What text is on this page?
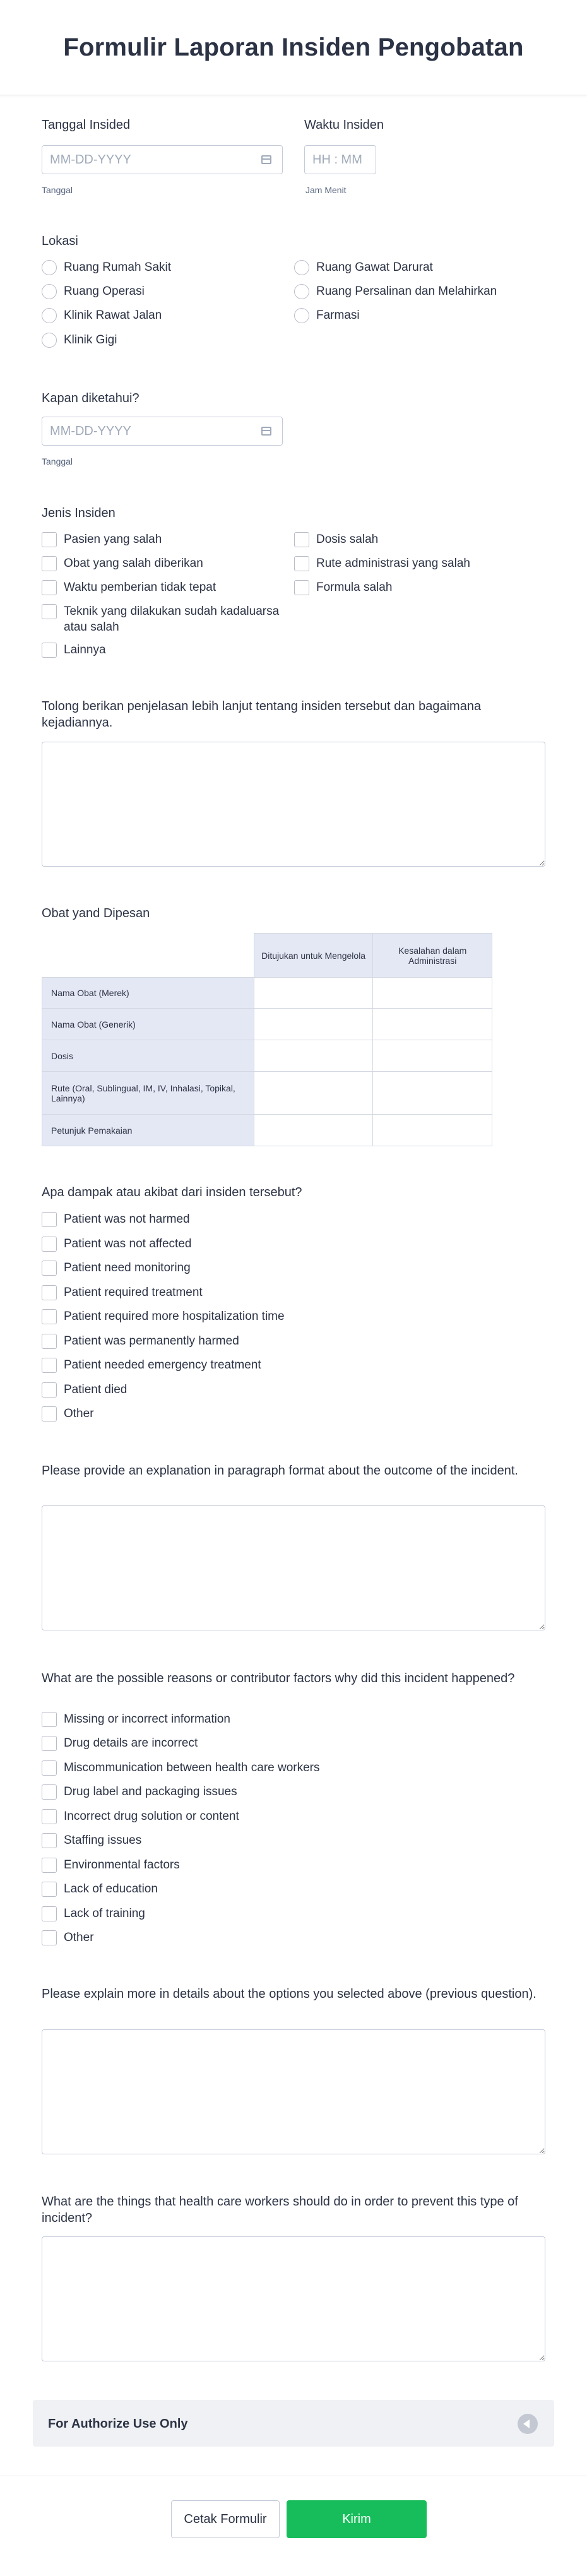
Formulir Laporan Insiden Pengobatan
Tanggal Insided
MM-DD-YYYY
Tanggal
Waktu Insiden
HH : MM
Jam Menit
Lokasi
Ruang Rumah Sakit
Ruang Operasi
Klinik Rawat Jalan
Klinik Gigi
Ruang Gawat Darurat
Ruang Persalinan dan Melahirkan
Farmasi
Kapan diketahui?
MM-DD-YYYY
Tanggal
Jenis Insiden
Pasien yang salah
Obat yang salah diberikan
Waktu pemberian tidak tepat
Teknik yang dilakukan sudah kadaluarsa atau salah
Lainnya
Dosis salah
Rute administrasi yang salah
Formula salah
Tolong berikan penjelasan lebih lanjut tentang insiden tersebut dan bagaimana kejadiannya.
Obat yand Dipesan
	Ditujukan untuk Mengelola	Kesalahan dalam Administrasi
Nama Obat (Merek)		
Nama Obat (Generik)		
Dosis		
Rute (Oral, Sublingual, IM, IV, Inhalasi, Topikal, Lainnya)		
Petunjuk Pemakaian		
Apa dampak atau akibat dari insiden tersebut?
Patient was not harmed
Patient was not affected
Patient need monitoring
Patient required treatment
Patient required more hospitalization time
Patient was permanently harmed
Patient needed emergency treatment
Patient died
Other
Please provide an explanation in paragraph format about the outcome of the incident.
What are the possible reasons or contributor factors why did this incident happened?
Missing or incorrect information
Drug details are incorrect
Miscommunication between health care workers
Drug label and packaging issues
Incorrect drug solution or content
Staffing issues
Environmental factors
Lack of education
Lack of training
Other
Please explain more in details about the options you selected above (previous question).
What are the things that health care workers should do in order to prevent this type of incident?
For Authorize Use Only
Cetak Formulir	Kirim
